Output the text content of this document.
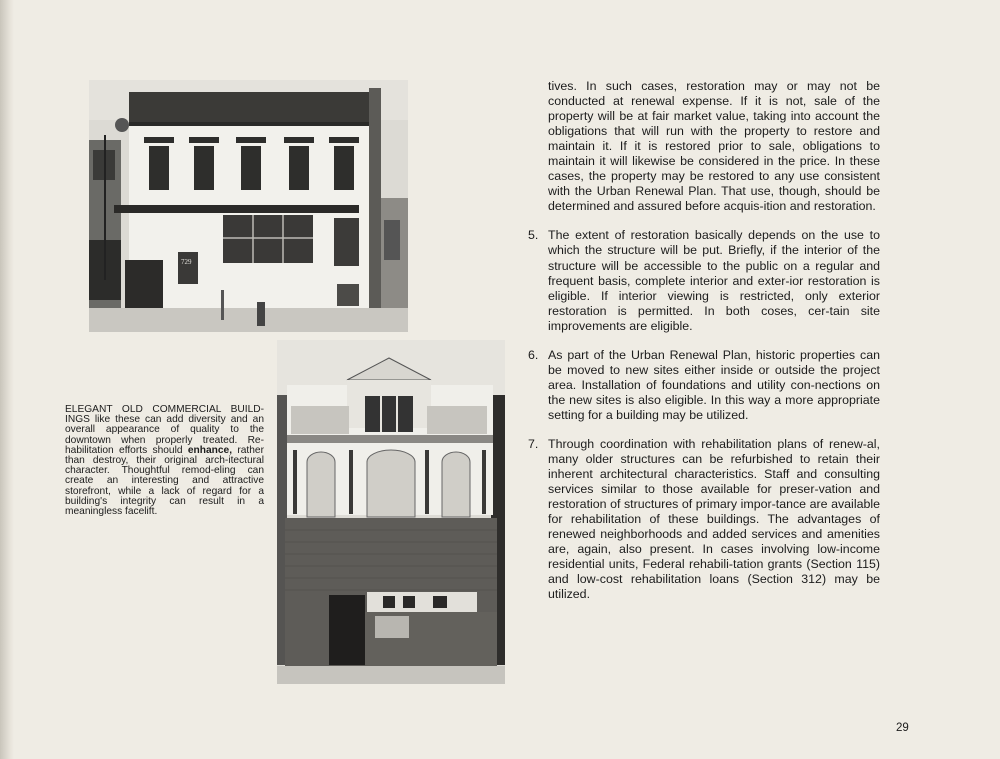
729

ELEGANT OLD COMMERCIAL BUILD-INGS like these can add diversity and an overall appearance of quality to the downtown when properly treated. Re-habilitation efforts should enhance, rather than destroy, their original arch-itectural character. Thoughtful remod-eling can create an interesting and attractive storefront, while a lack of regard for a building's integrity can result in a meaningless facelift.

tives. In such cases, restoration may or may not be conducted at renewal expense. If it is not, sale of the property will be at fair market value, taking into account the obligations that will run with the property to restore and maintain it. If it is restored prior to sale, obligations to maintain it will likewise be considered in the price. In these cases, the property may be restored to any use consistent with the Urban Renewal Plan. That use, though, should be determined and assured before acquis-ition and restoration.

5. The extent of restoration basically depends on the use to which the structure will be put. Briefly, if the interior of the structure will be accessible to the public on a regular and frequent basis, complete interior and exter-ior restoration is eligible. If interior viewing is restricted, only exterior restoration is permitted. In both coses, cer-tain site improvements are eligible.
6. As part of the Urban Renewal Plan, historic properties can be moved to new sites either inside or outside the project area. Installation of foundations and utility con-nections on the new sites is also eligible. In this way a more appropriate setting for a building may be utilized.
7. Through coordination with rehabilitation plans of renew-al, many older structures can be refurbished to retain their inherent architectural characteristics. Staff and consulting services similar to those available for preser-vation and restoration of structures of primary impor-tance are available for rehabilitation of these buildings. The advantages of renewed neighborhoods and added services and amenities are, again, also present. In cases involving low-income residential units, Federal rehabili-tation grants (Section 115) and low-cost rehabilitation loans (Section 312) may be utilized.
29
